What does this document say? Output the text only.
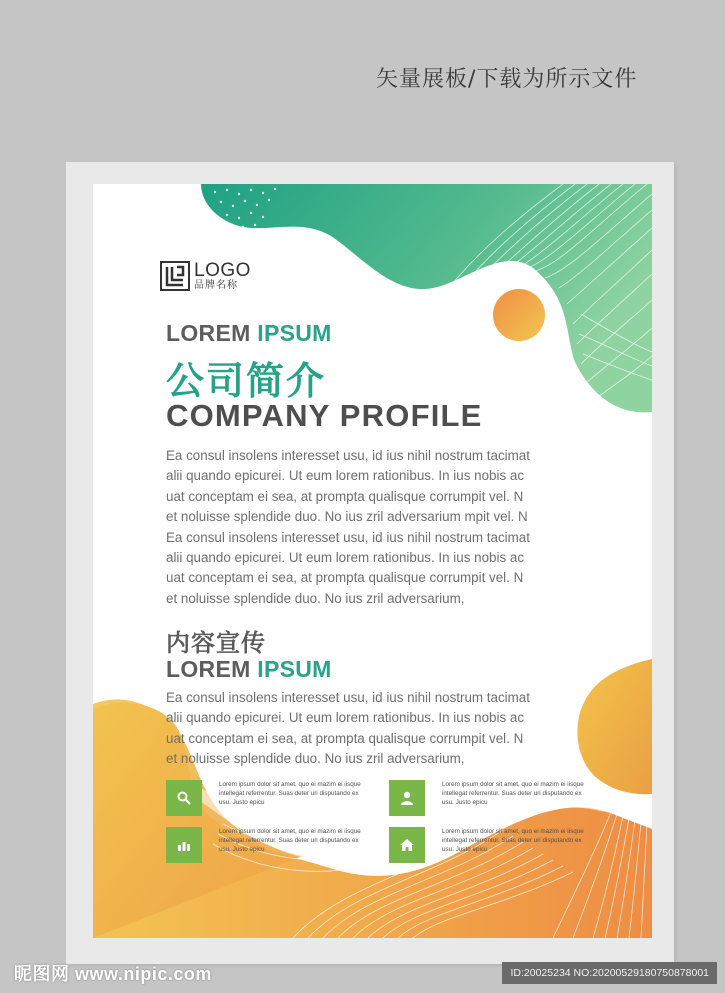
矢量展板/下载为所示文件
LOGO
品牌名称
LOREM IPSUM
公司简介
COMPANY PROFILE

Ea consul insolens interesset usu, id ius nihil nostrum tacimat

alii quando epicurei. Ut eum lorem rationibus. In ius nobis ac

uat conceptam ei sea, at prompta qualisque corrumpit vel. N

et noluisse splendide duo. No ius zril adversarium mpit vel. N

Ea consul insolens interesset usu, id ius nihil nostrum tacimat

alii quando epicurei. Ut eum lorem rationibus. In ius nobis ac

uat conceptam ei sea, at prompta qualisque corrumpit vel. N

et noluisse splendide duo. No ius zril adversarium,

内容宣传
LOREM IPSUM

Ea consul insolens interesset usu, id ius nihil nostrum tacimat

alii quando epicurei. Ut eum lorem rationibus. In ius nobis ac

uat conceptam ei sea, at prompta qualisque corrumpit vel. N

et noluisse splendide duo. No ius zril adversarium,

Lorem ipsum dolor sit amet, quo ei mazim ei iisque intellegat referrentur. Suas deter uri disputando ex usu. Justo epicu
Lorem ipsum dolor sit amet, quo ei mazim ei iisque intellegat referrentur. Suas deter uri disputando ex usu. Justo epicu
Lorem ipsum dolor sit amet, quo ei mazim ei iisque intellegat referrentur. Suas deter uri disputando ex usu. Justo epicu
Lorem ipsum dolor sit amet, quo ei mazim ei iisque intellegat referrentur. Suas deter uri disputando ex usu. Justo epicu
昵图网 www.nipic.com	ID:20025234 NO:20200529180750878001
